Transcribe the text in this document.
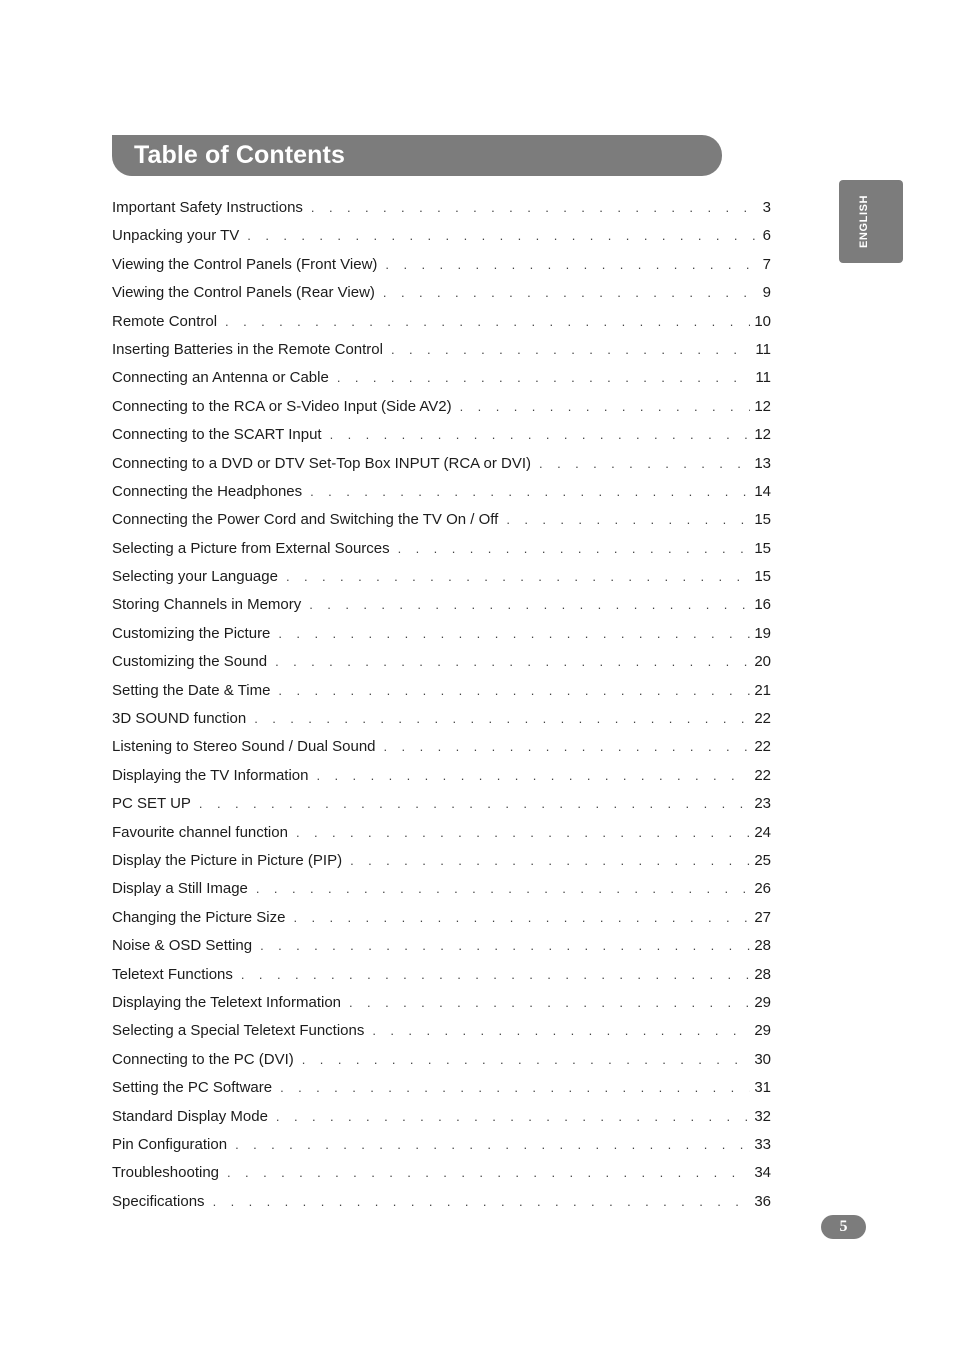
Table of Contents
ENGLISH
Important Safety Instructions . . .	3
Unpacking your TV . . .	6
Viewing the Control Panels (Front View) . . .	7
Viewing the Control Panels (Rear View) . . .	9
Remote Control . . .	10
Inserting Batteries in the Remote Control . . .	11
Connecting an Antenna or Cable . . .	11
Connecting to the RCA or S-Video Input (Side AV2) . . .	12
Connecting to the SCART Input . . .	12
Connecting to a DVD or DTV Set-Top Box INPUT (RCA or DVI) . . .	13
Connecting the Headphones . . .	14
Connecting the Power Cord and Switching the TV On / Off . . .	15
Selecting a Picture from External Sources . . .	15
Selecting your Language . . .	15
Storing Channels in Memory . . .	16
Customizing the Picture . . .	19
Customizing the Sound . . .	20
Setting the Date & Time . . .	21
3D SOUND function . . .	22
Listening to Stereo Sound / Dual Sound . . .	22
Displaying the TV Information . . .	22
PC SET UP . . .	23
Favourite channel function . . .	24
Display the Picture in Picture (PIP) . . .	25
Display a Still Image . . .	26
Changing the Picture Size . . .	27
Noise & OSD Setting . . .	28
Teletext Functions . . .	28
Displaying the Teletext Information . . .	29
Selecting a Special Teletext Functions . . .	29
Connecting to the PC (DVI) . . .	30
Setting the PC Software . . .	31
Standard Display Mode . . .	32
Pin Configuration . . .	33
Troubleshooting . . .	34
Specifications . . .	36
5
